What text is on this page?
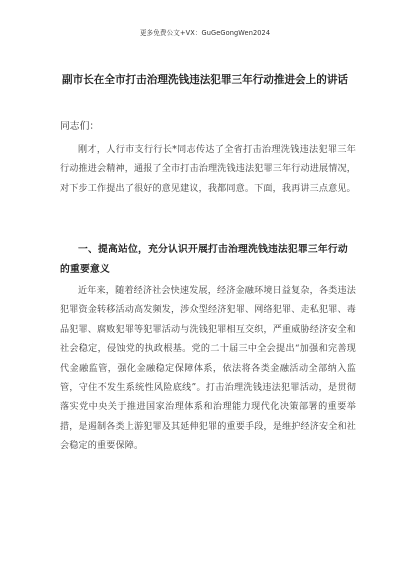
更多免费公文+VX：GuGeGongWen2024
副市长在全市打击治理洗钱违法犯罪三年行动推进会上的讲话
同志们：
刚才，人行市支行行长*同志传达了全省打击治理洗钱违法犯罪三年行动推进会精神，通报了全市打击治理洗钱违法犯罪三年行动进展情况，对下步工作提出了很好的意见建议，我都同意。下面，我再讲三点意见。
一、提高站位，充分认识开展打击治理洗钱违法犯罪三年行动的重要意义
近年来，随着经济社会快速发展，经济金融环境日益复杂，各类违法犯罪资金转移活动高发频发，涉众型经济犯罪、网络犯罪、走私犯罪、毒品犯罪、腐败犯罪等犯罪活动与洗钱犯罪相互交织，严重威胁经济安全和社会稳定，侵蚀党的执政根基。党的二十届三中全会提出“加强和完善现代金融监管，强化金融稳定保障体系，依法将各类金融活动全部纳入监管，守住不发生系统性风险底线”。打击治理洗钱违法犯罪活动，是贯彻落实党中央关于推进国家治理体系和治理能力现代化决策部署的重要举措，是遏制各类上游犯罪及其延伸犯罪的重要手段，是维护经济安全和社会稳定的重要保障。
